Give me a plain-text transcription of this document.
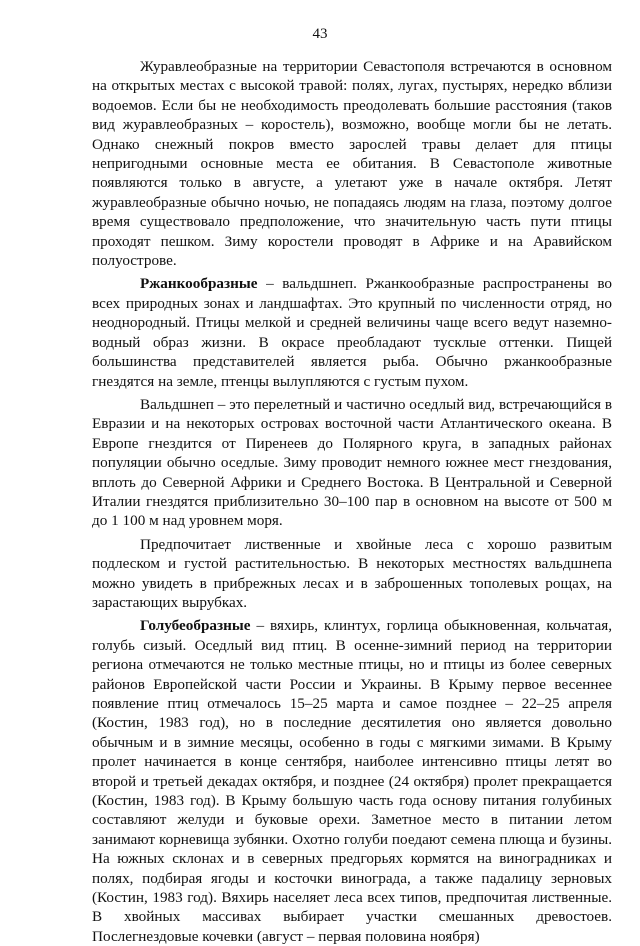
43

Журавлеобразные на территории Севастополя встречаются в основном на открытых местах с высокой травой: полях, лугах, пустырях, нередко вблизи водоемов. Если бы не необходимость преодолевать большие расстояния (таков вид журавлеобразных – коростель), возможно, вообще могли бы не летать. Однако снежный покров вместо зарослей травы делает для птицы непригодными основные места ее обитания. В Севастополе животные появляются только в августе, а улетают уже в начале октября. Летят журавлеобразные обычно ночью, не попадаясь людям на глаза, поэтому долгое время существовало предположение, что значительную часть пути птицы проходят пешком. Зиму коростели проводят в Африке и на Аравийском полуострове.

Ржанкообразные – вальдшнеп. Ржанкообразные распространены во всех природных зонах и ландшафтах. Это крупный по численности отряд, но неоднородный. Птицы мелкой и средней величины чаще всего ведут наземно-водный образ жизни. В окрасе преобладают тусклые оттенки. Пищей большинства представителей является рыба. Обычно ржанкообразные гнездятся на земле, птенцы вылупляются с густым пухом.

Вальдшнеп – это перелетный и частично оседлый вид, встречающийся в Евразии и на некоторых островах восточной части Атлантического океана. В Европе гнездится от Пиренеев до Полярного круга, в западных районах популяции обычно оседлые. Зиму проводит немного южнее мест гнездования, вплоть до Северной Африки и Среднего Востока. В Центральной и Северной Италии гнездятся приблизительно 30–100 пар в основном на высоте от 500 м до 1 100 м над уровнем моря.

Предпочитает лиственные и хвойные леса с хорошо развитым подлеском и густой растительностью. В некоторых местностях вальдшнепа можно увидеть в прибрежных лесах и в заброшенных тополевых рощах, на зарастающих вырубках.

Голубеобразные – вяхирь, клинтух, горлица обыкновенная, кольчатая, голубь сизый. Оседлый вид птиц. В осенне-зимний период на территории региона отмечаются не только местные птицы, но и птицы из более северных районов Европейской части России и Украины. В Крыму первое весеннее появление птиц отмечалось 15–25 марта и самое позднее – 22–25 апреля (Костин, 1983 год), но в последние десятилетия оно является довольно обычным и в зимние месяцы, особенно в годы с мягкими зимами. В Крыму пролет начинается в конце сентября, наиболее интенсивно птицы летят во второй и третьей декадах октября, и позднее (24 октября) пролет прекращается (Костин, 1983 год). В Крыму большую часть года основу питания голубиных составляют желуди и буковые орехи. Заметное место в питании летом занимают корневища зубянки. Охотно голуби поедают семена плюща и бузины. На южных склонах и в северных предгорьях кормятся на виноградниках и полях, подбирая ягоды и косточки винограда, а также падалицу зерновых (Костин, 1983 год). Вяхирь населяет леса всех типов, предпочитая лиственные. В хвойных массивах выбирает участки смешанных древостоев. Послегнездовые кочевки (август – первая половина ноября)
